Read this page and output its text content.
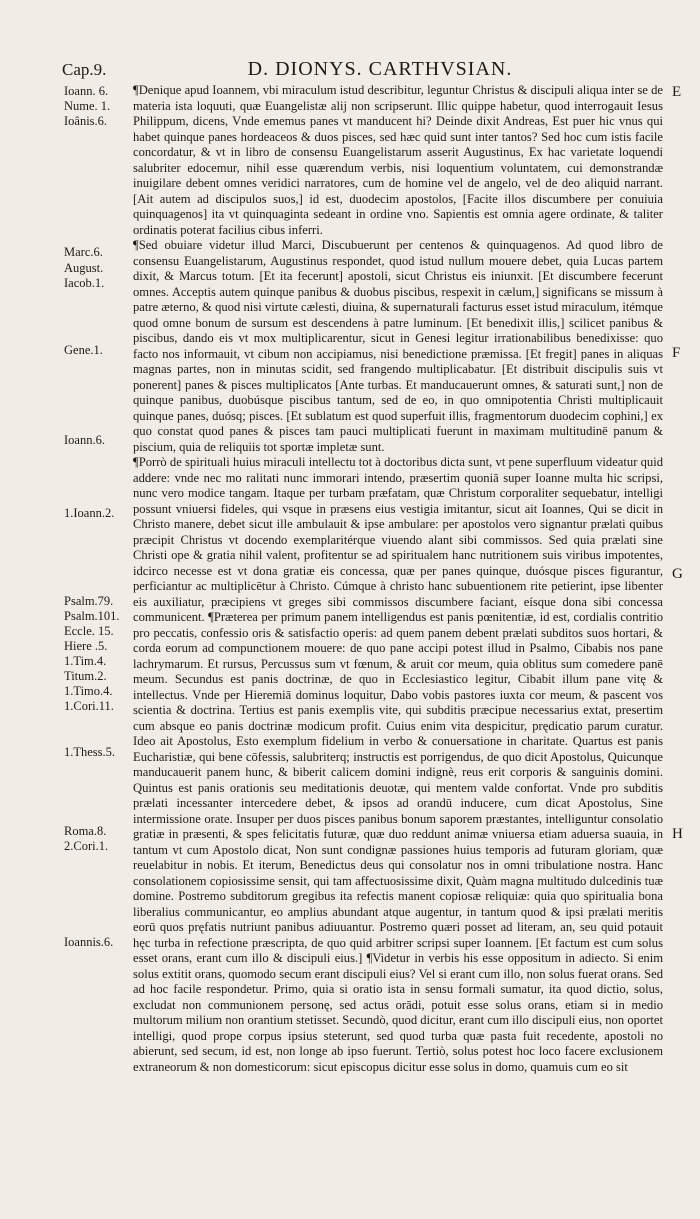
Cap.9.	D. DIONYS. CARTHVSIAN.
Ioann. 6.
Nume. 1.
Ioânis.6.
Marc.6.
August.
Iacob.1.
Gene.1.
Ioann.6.
1.Ioann.2.
Psalm.79.
Psalm.101.
Eccle. 15.
Hiere .5.
1.Tim.4.
Titum.2.
1.Timo.4.
1.Cori.11.
1.Thess.5.
Roma.8.
2.Cori.1.
Ioannis.6.
E
F
G
H

¶Denique apud Ioannem, vbi miraculum istud describitur, leguntur Christus & discipuli aliqua inter se de materia ista loquuti, quæ Euangelistæ alij non scripserunt. Illic quippe habetur, quod interrogauit Iesus Philippum, dicens, Vnde ememus panes vt manducent hi? Deinde dixit Andreas, Est puer hic vnus qui habet quinque panes hordeaceos & duos pisces, sed hæc quid sunt inter tantos? Sed hoc cum istis facile concordatur, & vt in libro de consensu Euangelistarum asserit Augustinus, Ex hac varietate loquendi salubriter edocemur, nihil esse quærendum verbis, nisi loquentium voluntatem, cui demonstrandæ inuigilare debent omnes veridici narratores, cum de homine vel de angelo, vel de deo aliquid narrant. [Ait autem ad discipulos suos,] id est, duodecim apostolos, [Facite illos discumbere per conuiuia quinquagenos] ita vt quinquaginta sedeant in ordine vno. Sapientis est omnia agere ordinate, & taliter ordinatis poterat facilius cibus inferri.

¶Sed obuiare videtur illud Marci, Discubuerunt per centenos & quinquagenos. Ad quod libro de consensu Euangelistarum, Augustinus respondet, quod istud nullum mouere debet, quia Lucas partem dixit, & Marcus totum. [Et ita fecerunt] apostoli, sicut Christus eis iniunxit. [Et discumbere fecerunt omnes. Acceptis autem quinque panibus & duobus piscibus, respexit in cælum,] significans se missum à patre æterno, & quod nisi virtute cælesti, diuina, & supernaturali facturus esset istud miraculum, itémque quod omne bonum de sursum est descendens à patre luminum. [Et benedixit illis,] scilicet panibus & piscibus, dando eis vt mox multiplicarentur, sicut in Genesi legitur irrationabilibus benedixisse: quo facto nos informauit, vt cibum non accipiamus, nisi benedictione præmissa. [Et fregit] panes in aliquas magnas partes, non in minutas scidit, sed frangendo multiplicabatur. [Et distribuit discipulis suis vt ponerent] panes & pisces multiplicatos [Ante turbas. Et manducauerunt omnes, & saturati sunt,] non de quinque panibus, duobúsque piscibus tantum, sed de eo, in quo omnipotentia Christi multiplicauit quinque panes, duósq; pisces. [Et sublatum est quod superfuit illis, fragmentorum duodecim cophini,] ex quo constat quod panes & pisces tam pauci multiplicati fuerunt in maximam multitudinē panum & piscium, quia de reliquiis tot sportæ impletæ sunt.

¶Porrò de spirituali huius miraculi intellectu tot à doctoribus dicta sunt, vt pene superfluum videatur quid addere: vnde nec mo ralitati nunc immorari intendo, præsertim quoniā super Ioanne multa hic scripsi, nunc vero modice tangam. Itaque per turbam præfatam, quæ Christum corporaliter sequebatur, intelligi possunt vniuersi fideles, qui vsque in præsens eius vestigia imitantur, sicut ait Ioannes, Qui se dicit in Christo manere, debet sicut ille ambulauit & ipse ambulare: per apostolos vero signantur prælati quibus præcipit Christus vt docendo exemplaritérque viuendo alant sibi commissos. Sed quia prælati sine Christi ope & gratia nihil valent, profitentur se ad spiritualem hanc nutritionem suis viribus impotentes, idcirco necesse est vt dona gratiæ eis concessa, quæ per panes quinque, duósque pisces figurantur, perficiantur ac multiplicētur à Christo. Cúmque à christo hanc subuentionem rite petierint, ipse libenter eis auxiliatur, præcipiens vt greges sibi commissos discumbere faciant, eísque dona sibi concessa communicent. ¶Præterea per primum panem intelligendus est panis pœnitentiæ, id est, cordialis contritio pro peccatis, confessio oris & satisfactio operis: ad quem panem debent prælati subditos suos hortari, & corda eorum ad compunctionem mouere: de quo pane accipi potest illud in Psalmo, Cibabis nos pane lachrymarum. Et rursus, Percussus sum vt fœnum, & aruit cor meum, quia oblitus sum comedere panē meum. Secundus est panis doctrinæ, de quo in Ecclesiastico legitur, Cibabit illum pane vitę & intellectus. Vnde per Hieremiā dominus loquitur, Dabo vobis pastores iuxta cor meum, & pascent vos scientia & doctrina. Tertius est panis exemplis vite, qui subditis præcipue necessarius extat, presertim cum absque eo panis doctrinæ modicum profit. Cuius enim vita despicitur, prędicatio parum curatur. Ideo ait Apostolus, Esto exemplum fidelium in verbo & conuersatione in charitate. Quartus est panis Eucharistiæ, qui bene cōfessis, salubriterq; instructis est porrigendus, de quo dicit Apostolus, Quicunque manducauerit panem hunc, & biberit calicem domini indignè, reus erit corporis & sanguinis domini. Quintus est panis orationis seu meditationis deuotæ, qui mentem valde confortat. Vnde pro subditis prælati incessanter intercedere debet, & ipsos ad orandū inducere, cum dicat Apostolus, Sine intermissione orate. Insuper per duos pisces panibus bonum saporem præstantes, intelliguntur consolatio gratiæ in præsenti, & spes felicitatis futuræ, quæ duo reddunt animæ vniuersa etiam aduersa suauia, in tantum vt cum Apostolo dicat, Non sunt condignæ passiones huius temporis ad futuram gloriam, quæ reuelabitur in nobis. Et iterum, Benedictus deus qui consolatur nos in omni tribulatione nostra. Hanc consolationem copiosissime sensit, qui tam affectuosissime dixit, Quàm magna multitudo dulcedinis tuæ domine. Postremo subditorum gregibus ita refectis manent copiosæ reliquiæ: quia quo spiritualia bona liberalius communicantur, eo amplius abundant atque augentur, in tantum quod & ipsi prælati meritis eorū quos pręfatis nutriunt panibus adiuuantur. Postremo quæri posset ad literam, an, seu quid potauit hęc turba in refectione præscripta, de quo quid arbitrer scripsi super Ioannem. [Et factum est cum solus esset orans, erant cum illo & discipuli eius.] ¶Videtur in verbis his esse oppositum in adiecto. Si enim solus extitit orans, quomodo secum erant discipuli eius? Vel si erant cum illo, non solus fuerat orans. Sed ad hoc facile respondetur. Primo, quia si oratio ista in sensu formali sumatur, ita quod dictio, solus, excludat non communionem personę, sed actus orādi, potuit esse solus orans, etiam si in medio multorum milium non orantium stetisset. Secundò, quod dicitur, erant cum illo discipuli eius, non oportet intelligi, quod prope corpus ipsius steterunt, sed quod turba quæ pasta fuit recedente, apostoli no abierunt, sed secum, id est, non longe ab ipso fuerunt. Tertiò, solus potest hoc loco facere exclusionem extraneorum & non domesticorum: sicut episcopus dicitur esse solus in domo, quamuis cum eo sit
